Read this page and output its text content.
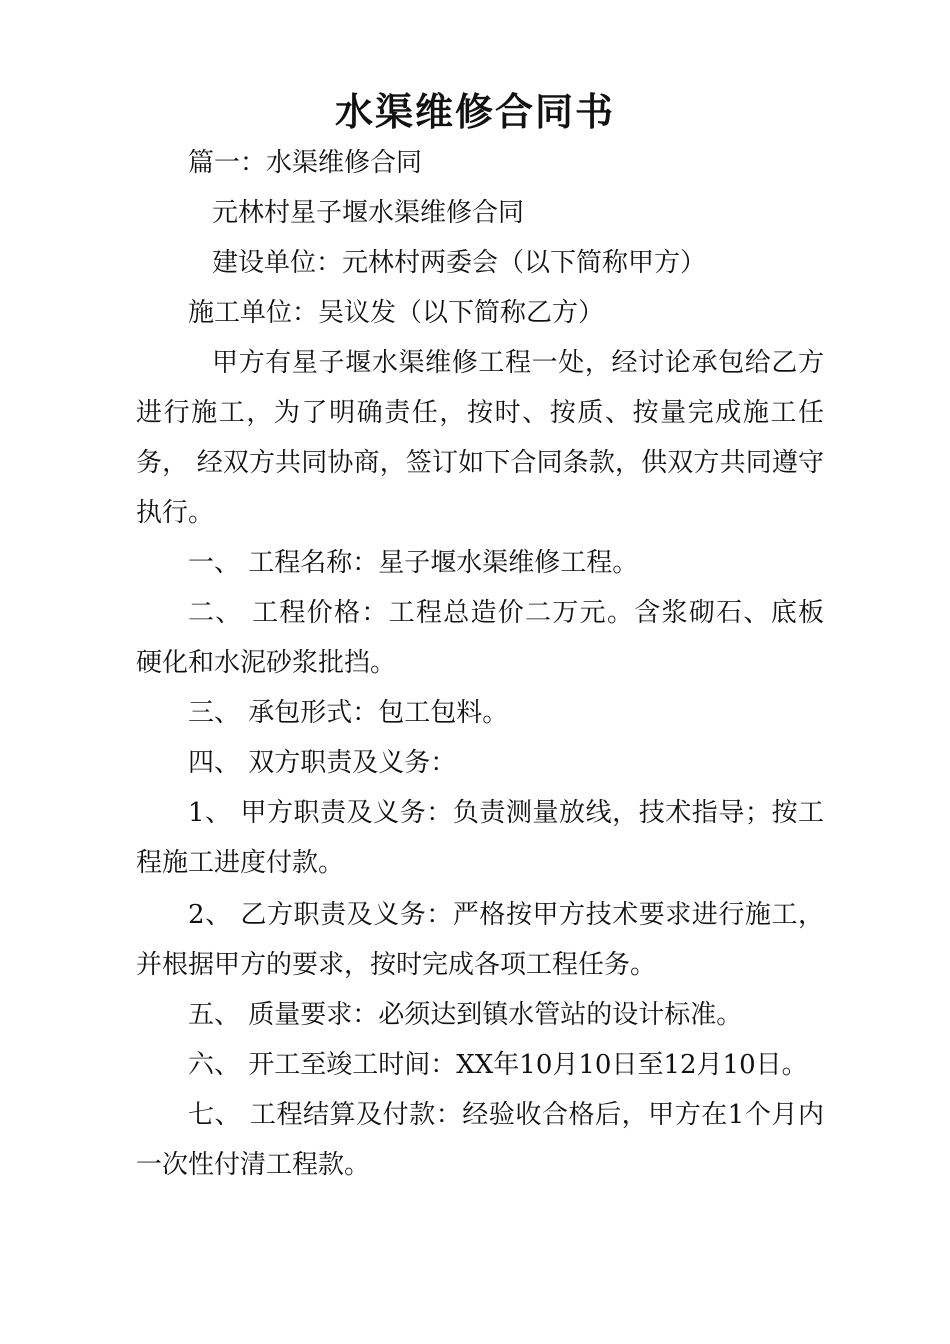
水渠维修合同书

篇一：水渠维修合同

元林村星子堰水渠维修合同

建设单位：元林村两委会（以下简称甲方）

施工单位：吴议发（以下简称乙方）

甲方有星子堰水渠维修工程一处，经讨论承包给乙方

进行施工，为了明确责任，按时、按质、按量完成施工任

务， 经双方共同协商，签订如下合同条款，供双方共同遵守

执行。

一、 工程名称：星子堰水渠维修工程。

二、 工程价格：工程总造价二万元。含浆砌石、底板

硬化和水泥砂浆批挡。

三、 承包形式：包工包料。

四、 双方职责及义务：

1、 甲方职责及义务：负责测量放线，技术指导；按工

程施工进度付款。

2、 乙方职责及义务：严格按甲方技术要求进行施工，

并根据甲方的要求，按时完成各项工程任务。

五、 质量要求：必须达到镇水管站的设计标准。

六、 开工至竣工时间：XX年10月10日至12月10日。

七、 工程结算及付款：经验收合格后，甲方在1个月内

一次性付清工程款。
